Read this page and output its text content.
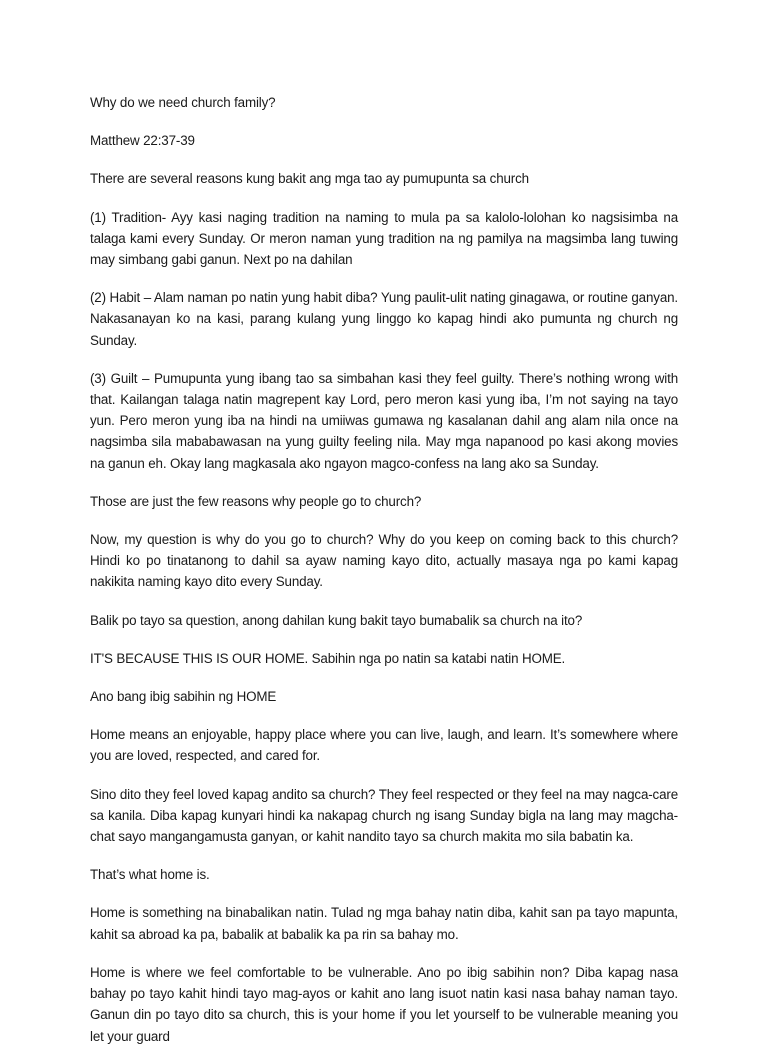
Why do we need church family?

Matthew 22:37-39

There are several reasons kung bakit ang mga tao ay pumupunta sa church

(1) Tradition- Ayy kasi naging tradition na naming to mula pa sa kalolo-lolohan ko nagsisimba na talaga kami every Sunday. Or meron naman yung tradition na ng pamilya na magsimba lang tuwing may simbang gabi ganun. Next po na dahilan

(2) Habit – Alam naman po natin yung habit diba? Yung paulit-ulit nating ginagawa, or routine ganyan. Nakasanayan ko na kasi, parang kulang yung linggo ko kapag hindi ako pumunta ng church ng Sunday.

(3) Guilt – Pumupunta yung ibang tao sa simbahan kasi they feel guilty. There’s nothing wrong with that. Kailangan talaga natin magrepent kay Lord, pero meron kasi yung iba, I’m not saying na tayo yun. Pero meron yung iba na hindi na umiiwas gumawa ng kasalanan dahil ang alam nila once na nagsimba sila mababawasan na yung guilty feeling nila. May mga napanood po kasi akong movies na ganun eh. Okay lang magkasala ako ngayon magco-confess na lang ako sa Sunday.

Those are just the few reasons why people go to church?

Now, my question is why do you go to church? Why do you keep on coming back to this church? Hindi ko po tinatanong to dahil sa ayaw naming kayo dito, actually masaya nga po kami kapag nakikita naming kayo dito every Sunday.

Balik po tayo sa question, anong dahilan kung bakit tayo bumabalik sa church na ito?

IT'S BECAUSE THIS IS OUR HOME. Sabihin nga po natin sa katabi natin HOME.

Ano bang ibig sabihin ng HOME

Home means an enjoyable, happy place where you can live, laugh, and learn. It’s somewhere where you are loved, respected, and cared for.

Sino dito they feel loved kapag andito sa church? They feel respected or they feel na may nagca-care sa kanila. Diba kapag kunyari hindi ka nakapag church ng isang Sunday bigla na lang may magcha-chat sayo mangangamusta ganyan, or kahit nandito tayo sa church makita mo sila babatin ka.

That’s what home is.

Home is something na binabalikan natin. Tulad ng mga bahay natin diba, kahit san pa tayo mapunta, kahit sa abroad ka pa, babalik at babalik ka pa rin sa bahay mo.

Home is where we feel comfortable to be vulnerable. Ano po ibig sabihin non? Diba kapag nasa bahay po tayo kahit hindi tayo mag-ayos or kahit ano lang isuot natin kasi nasa bahay naman tayo. Ganun din po tayo dito sa church, this is your home if you let yourself to be vulnerable meaning you let your guard
